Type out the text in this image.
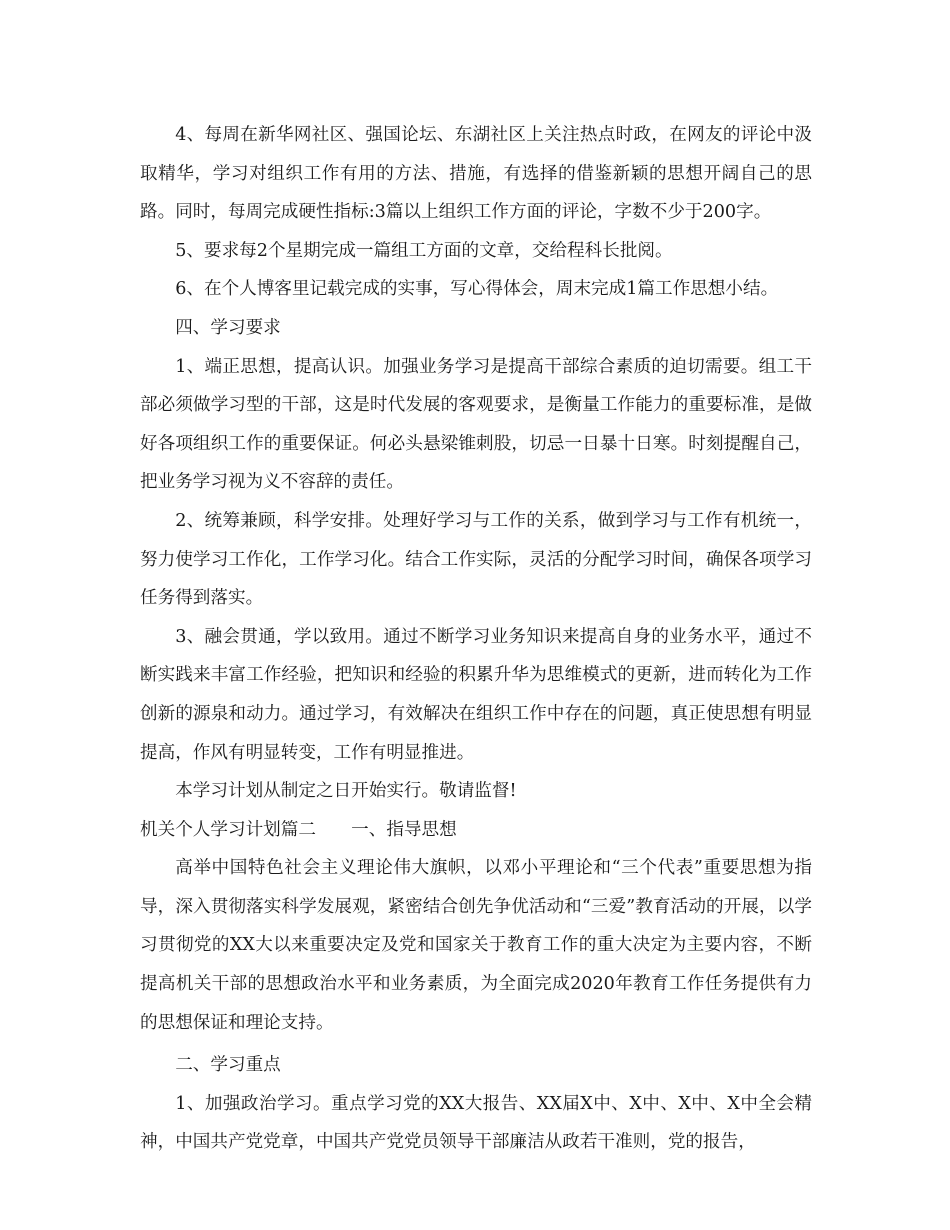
4、每周在新华网社区、强国论坛、东湖社区上关注热点时政，在网友的评论中汲取精华，学习对组织工作有用的方法、措施，有选择的借鉴新颖的思想开阔自己的思路。同时，每周完成硬性指标:3篇以上组织工作方面的评论，字数不少于200字。

5、要求每2个星期完成一篇组工方面的文章，交给程科长批阅。

6、在个人博客里记载完成的实事，写心得体会，周末完成1篇工作思想小结。

四、学习要求

1、端正思想，提高认识。加强业务学习是提高干部综合素质的迫切需要。组工干部必须做学习型的干部，这是时代发展的客观要求，是衡量工作能力的重要标准，是做好各项组织工作的重要保证。何必头悬梁锥刺股，切忌一日暴十日寒。时刻提醒自己，把业务学习视为义不容辞的责任。

2、统筹兼顾，科学安排。处理好学习与工作的关系，做到学习与工作有机统一，努力使学习工作化，工作学习化。结合工作实际，灵活的分配学习时间，确保各项学习任务得到落实。

3、融会贯通，学以致用。通过不断学习业务知识来提高自身的业务水平，通过不断实践来丰富工作经验，把知识和经验的积累升华为思维模式的更新，进而转化为工作创新的源泉和动力。通过学习，有效解决在组织工作中存在的问题，真正使思想有明显提高，作风有明显转变，工作有明显推进。

本学习计划从制定之日开始实行。敬请监督!

机关个人学习计划篇二　　一、指导思想

高举中国特色社会主义理论伟大旗帜，以邓小平理论和“三个代表”重要思想为指导，深入贯彻落实科学发展观，紧密结合创先争优活动和“三爱”教育活动的开展，以学习贯彻党的XX大以来重要决定及党和国家关于教育工作的重大决定为主要内容，不断提高机关干部的思想政治水平和业务素质，为全面完成2020年教育工作任务提供有力的思想保证和理论支持。

二、学习重点

1、加强政治学习。重点学习党的XX大报告、XX届X中、X中、X中、X中全会精神，中国共产党党章，中国共产党党员领导干部廉洁从政若干准则，党的报告，
